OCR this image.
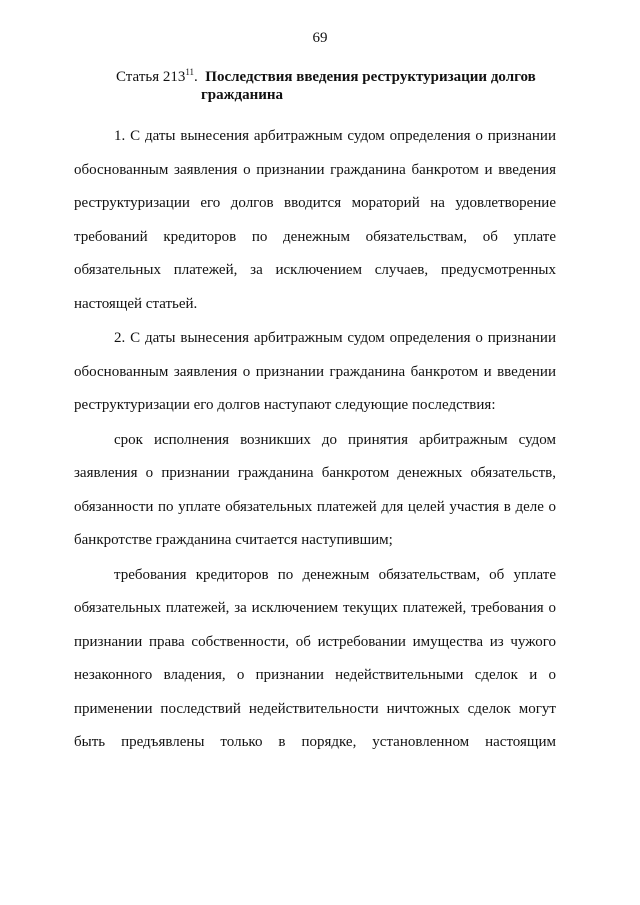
69
Статья $213^{11}$. Последствия введения реструктуризации долгов
гражданина

1. С даты вынесения арбитражным судом определения о признании обоснованным заявления о признании гражданина банкротом и введения реструктуризации его долгов вводится мораторий на удовлетворение требований кредиторов по денежным обязательствам, об уплате обязательных платежей, за исключением случаев, предусмотренных настоящей статьей.

2. С даты вынесения арбитражным судом определения о признании обоснованным заявления о признании гражданина банкротом и введении реструктуризации его долгов наступают следующие последствия:

срок исполнения возникших до принятия арбитражным судом заявления о признании гражданина банкротом денежных обязательств, обязанности по уплате обязательных платежей для целей участия в деле о банкротстве гражданина считается наступившим;

требования кредиторов по денежным обязательствам, об уплате обязательных платежей, за исключением текущих платежей, требования о признании права собственности, об истребовании имущества из чужого незаконного владения, о признании недействительными сделок и о применении последствий недействительности ничтожных сделок могут быть предъявлены только в порядке, установленном настоящим
